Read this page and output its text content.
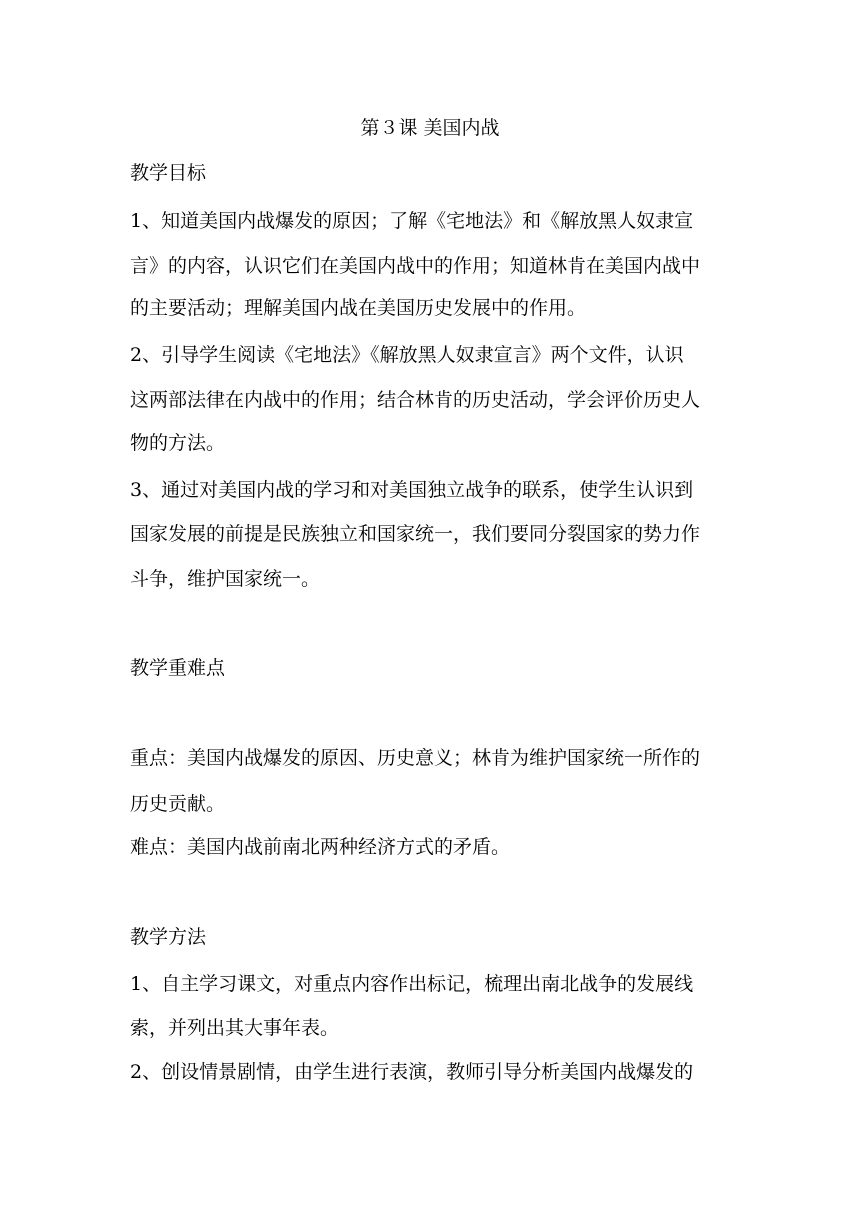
第３课 美国内战
教学目标
1、知道美国内战爆发的原因；了解《宅地法》和《解放黑人奴隶宣
言》的内容，认识它们在美国内战中的作用；知道林肯在美国内战中
的主要活动；理解美国内战在美国历史发展中的作用。
2、引导学生阅读《宅地法》《解放黑人奴隶宣言》两个文件，认识
这两部法律在内战中的作用；结合林肯的历史活动，学会评价历史人
物的方法。
3、通过对美国内战的学习和对美国独立战争的联系，使学生认识到
国家发展的前提是民族独立和国家统一，我们要同分裂国家的势力作
斗争，维护国家统一。
教学重难点
重点：美国内战爆发的原因、历史意义；林肯为维护国家统一所作的
历史贡献。
难点：美国内战前南北两种经济方式的矛盾。
教学方法
1、自主学习课文，对重点内容作出标记，梳理出南北战争的发展线
索，并列出其大事年表。
2、创设情景剧情，由学生进行表演，教师引导分析美国内战爆发的
